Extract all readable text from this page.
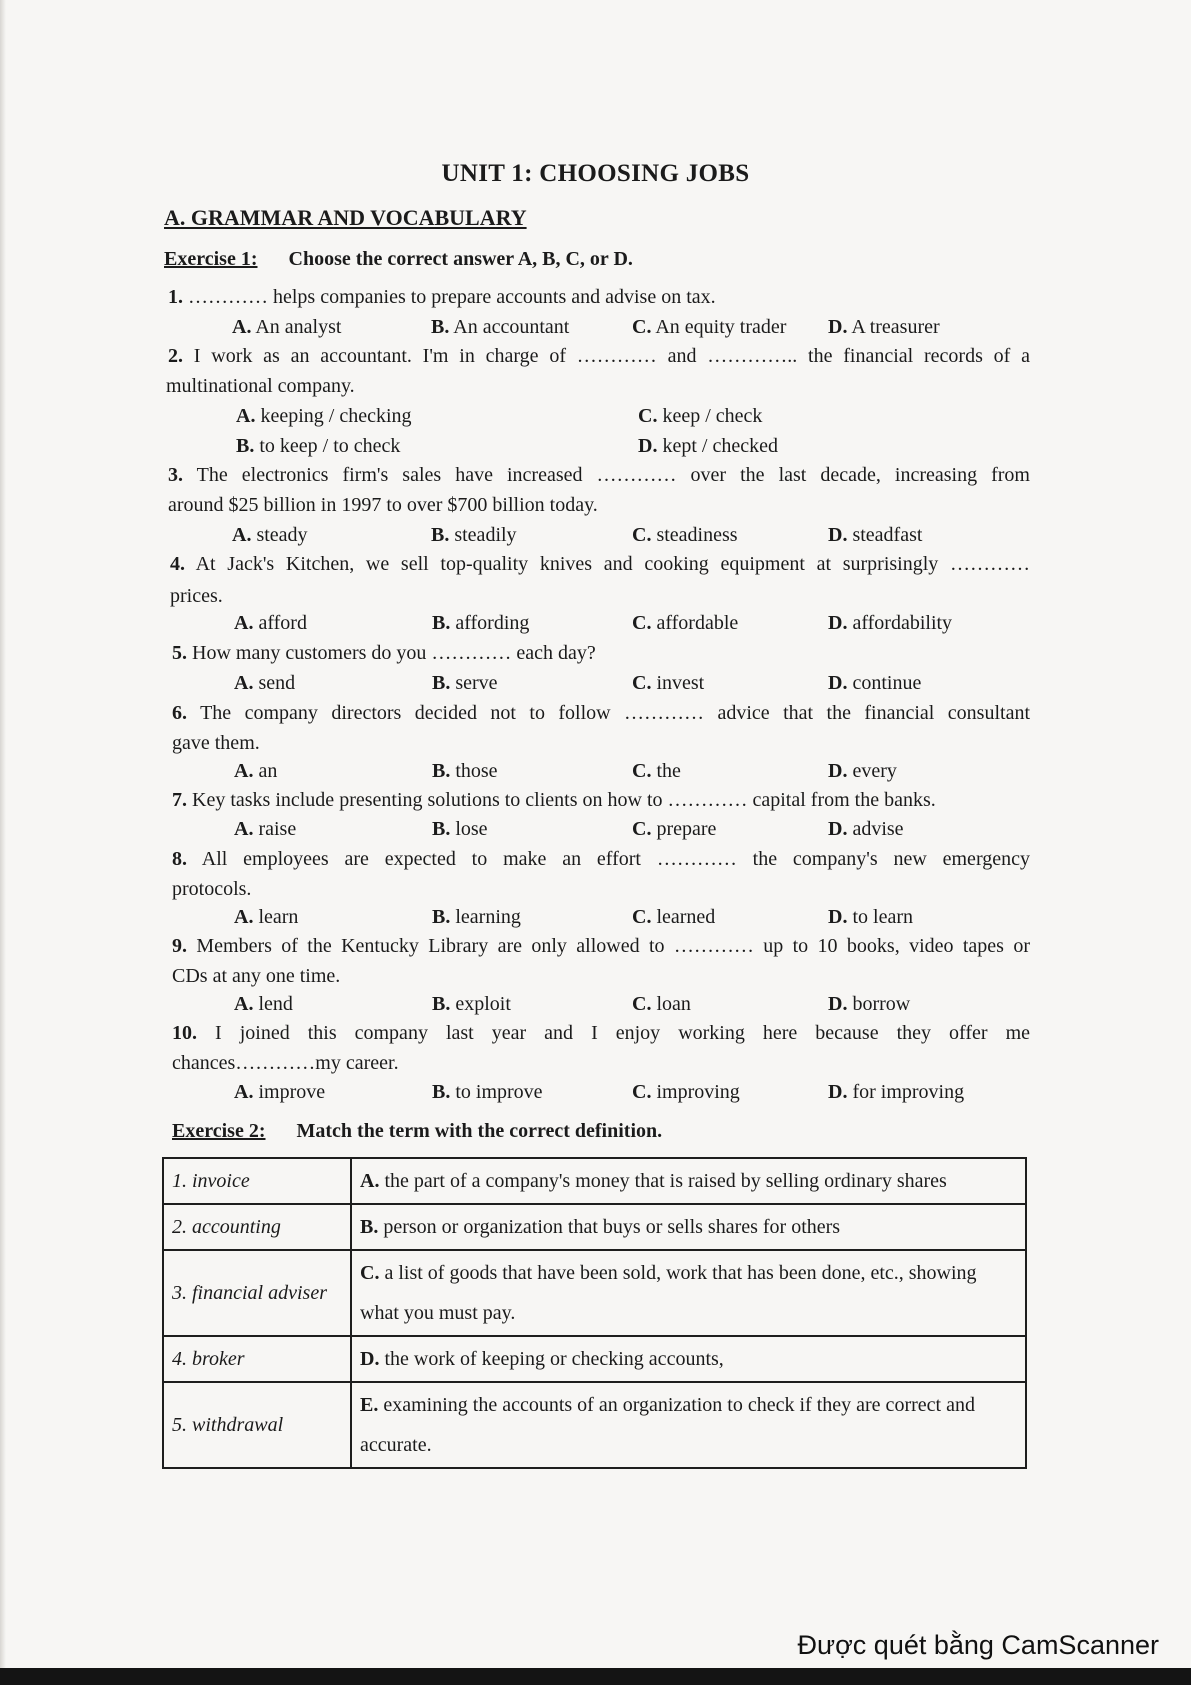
UNIT 1: CHOOSING JOBS
A. GRAMMAR AND VOCABULARY
Exercise 1: Choose the correct answer A, B, C, or D.
1. ………… helps companies to prepare accounts and advise on tax.
A. An analyst	B. An accountant	C. An equity trader D. A treasurer
2. I work as an accountant. I'm in charge of ………… and ………….. the financial records of a
multinational company.
A. keeping / checking
B. to keep / to check
C. keep / check
D. kept / checked
3. The electronics firm's sales have increased ………… over the last decade, increasing from
around $25 billion in 1997 to over $700 billion today.
A. steady	B. steadily	C. steadiness	D. steadfast
4. At Jack's Kitchen, we sell top-quality knives and cooking equipment at surprisingly …………
prices.
A. afford	B. affording	C. affordable	D. affordability
5. How many customers do you ………… each day?
A. send	B. serve	C. invest	D. continue
6. The company directors decided not to follow ………… advice that the financial consultant
gave them.
A. an	B. those	C. the	D. every
7. Key tasks include presenting solutions to clients on how to ………… capital from the banks.
A. raise	B. lose	C. prepare	D. advise
8. All employees are expected to make an effort ………… the company's new emergency
protocols.
A. learn	B. learning	C. learned	D. to learn
9. Members of the Kentucky Library are only allowed to ………… up to 10 books, video tapes or
CDs at any one time.
A. lend	B. exploit	C. loan	D. borrow
10. I joined this company last year and I enjoy working here because they offer me
chances…………my career.
A. improve	B. to improve	C. improving	D. for improving
Exercise 2: Match the term with the correct definition.
1. invoice	A. the part of a company's money that is raised by selling ordinary shares
2. accounting	B. person or organization that buys or sells shares for others
3. financial adviser	C. a list of goods that have been sold, work that has been done, etc., showing what you must pay.
4. broker	D. the work of keeping or checking accounts,
5. withdrawal	E. examining the accounts of an organization to check if they are correct and accurate.
Được quét bằng CamScanner
